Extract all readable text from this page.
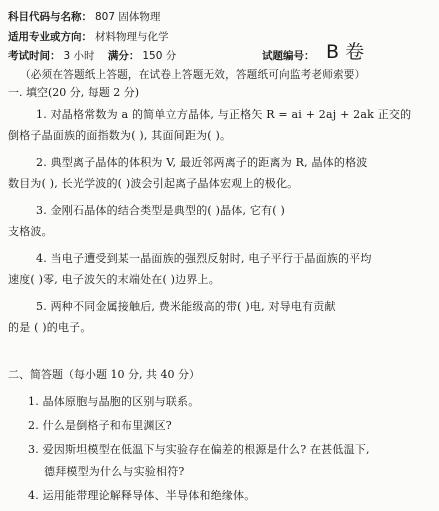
科目代码与名称： 807 固体物理
适用专业或方向： 材料物理与化学
考试时间： 3 小时 满分： 150 分	试题编号： B 卷
（必须在答题纸上答题，在试卷上答题无效，答题纸可向监考老师索要）
一. 填空(20 分, 每题 2 分)
1. 对晶格常数为 a 的简单立方晶体, 与正格矢 R = ai + 2aj + 2ak 正交的
倒格子晶面族的面指数为( ), 其面间距为( )。
2. 典型离子晶体的体积为 V, 最近邻两离子的距离为 R, 晶体的格波
数目为( ), 长光学波的( )波会引起离子晶体宏观上的极化。
3. 金刚石晶体的结合类型是典型的( )晶体, 它有( )
支格波。
4. 当电子遭受到某一晶面族的强烈反射时, 电子平行于晶面族的平均
速度( )零, 电子波矢的末端处在( )边界上。
5. 两种不同金属接触后, 费米能级高的带( )电, 对导电有贡献
的是 ( )的电子。
二、简答题（每小题 10 分, 共 40 分）
1. 晶体原胞与晶胞的区别与联系。
2. 什么是倒格子和布里渊区?
3. 爱因斯坦模型在低温下与实验存在偏差的根源是什么? 在甚低温下,
德拜模型为什么与实验相符?
4. 运用能带理论解释导体、半导体和绝缘体。
